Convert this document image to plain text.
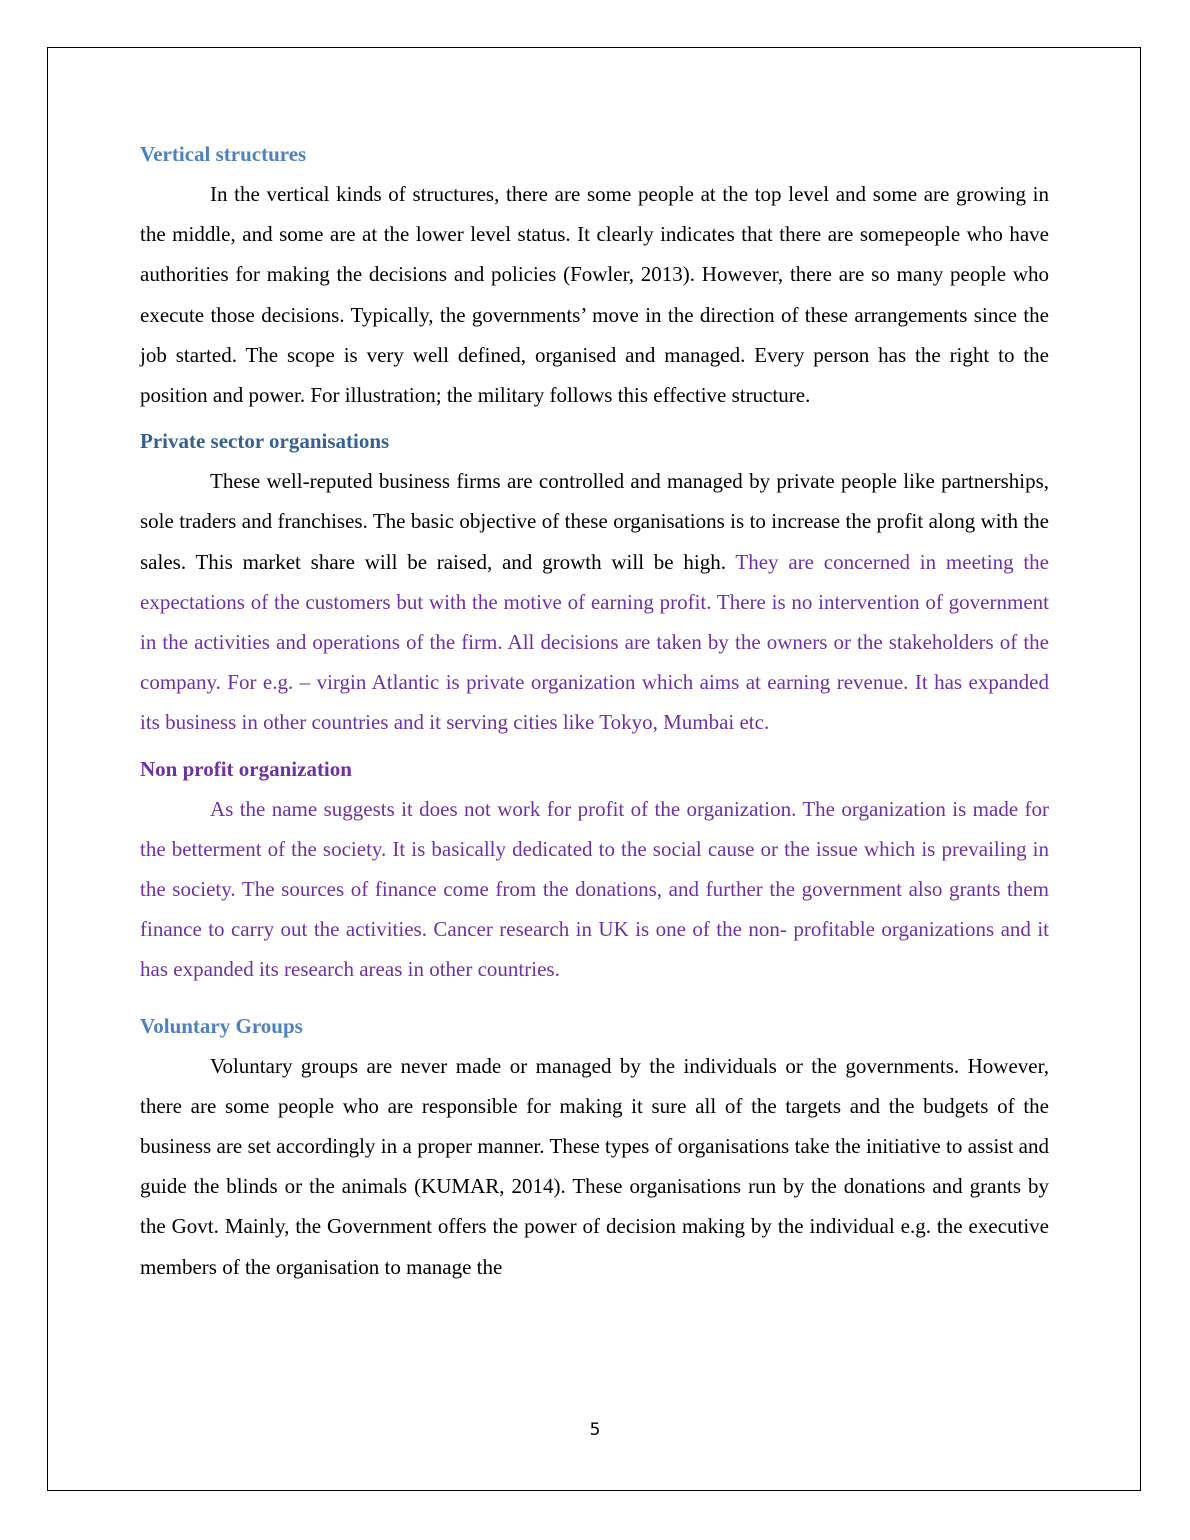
Vertical structures

In the vertical kinds of structures, there are some people at the top level and some are growing in the middle, and some are at the lower level status. It clearly indicates that there are somepeople who have authorities for making the decisions and policies (Fowler, 2013). However, there are so many people who execute those decisions. Typically, the governments’ move in the direction of these arrangements since the job started. The scope is very well defined, organised and managed. Every person has the right to the position and power. For illustration; the military follows this effective structure.

Private sector organisations

These well-reputed business firms are controlled and managed by private people like partnerships, sole traders and franchises. The basic objective of these organisations is to increase the profit along with the sales. This market share will be raised, and growth will be high. They are concerned in meeting the expectations of the customers but with the motive of earning profit. There is no intervention of government in the activities and operations of the firm. All decisions are taken by the owners or the stakeholders of the company. For e.g. – virgin Atlantic is private organization which aims at earning revenue. It has expanded its business in other countries and it serving cities like Tokyo, Mumbai etc.

Non profit organization

As the name suggests it does not work for profit of the organization. The organization is made for the betterment of the society. It is basically dedicated to the social cause or the issue which is prevailing in the society. The sources of finance come from the donations, and further the government also grants them finance to carry out the activities. Cancer research in UK is one of the non- profitable organizations and it has expanded its research areas in other countries.

Voluntary Groups

Voluntary groups are never made or managed by the individuals or the governments. However, there are some people who are responsible for making it sure all of the targets and the budgets of the business are set accordingly in a proper manner. These types of organisations take the initiative to assist and guide the blinds or the animals (KUMAR, 2014). These organisations run by the donations and grants by the Govt. Mainly, the Government offers the power of decision making by the individual e.g. the executive members of the organisation to manage the

5
